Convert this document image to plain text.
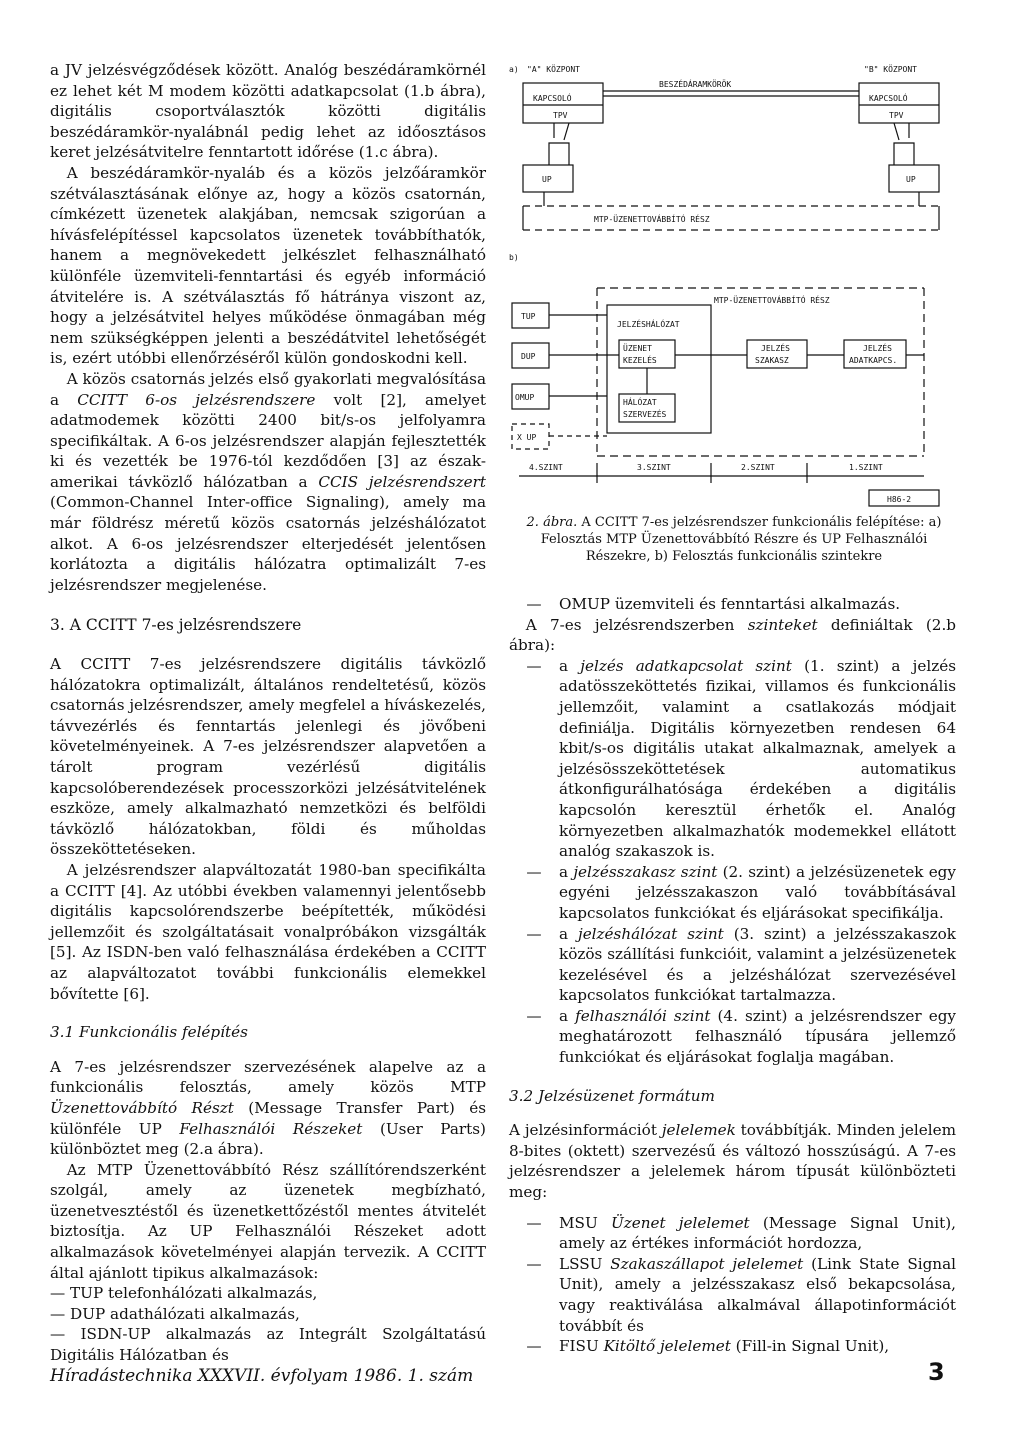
a JV jelzésvégződések között. Analóg beszédáramkörnél ez lehet két M modem közötti adatkapcsolat (1.b ábra), digitális csoportválasztók közötti digitális beszédáramkör-nyalábnál pedig lehet az időosztásos keret jelzésátvitelre fenntartott időrése (1.c ábra).

A beszédáramkör-nyaláb és a közös jelzőáramkör szétválasztásának előnye az, hogy a közös csatornán, címkézett üzenetek alakjában, nemcsak szigorúan a hívásfelépítéssel kapcsolatos üzenetek továbbíthatók, hanem a megnövekedett jelkészlet felhasználható különféle üzemviteli-fenntartási és egyéb információ átvitelére is. A szétválasztás fő hátránya viszont az, hogy a jelzésátvitel helyes működése önmagában még nem szükségképpen jelenti a beszédátvitel lehetőségét is, ezért utóbbi ellenőrzéséről külön gondoskodni kell.

A közös csatornás jelzés első gyakorlati megvalósítása a CCITT 6-os jelzésrendszere volt [2], amelyet adatmodemek közötti 2400 bit/s-os jelfolyamra specifikáltak. A 6-os jelzésrendszer alapján fejlesztették ki és vezették be 1976-tól kezdődően [3] az észak-amerikai távközlő hálózatban a CCIS jelzésrendszert (Common-Channel Inter-office Signaling), amely ma már földrész méretű közös csatornás jelzéshálózatot alkot. A 6-os jelzésrendszer elterjedését jelentősen korlátozta a digitális hálózatra optimalizált 7-es jelzésrendszer megjelenése.

3. A CCITT 7-es jelzésrendszere

A CCITT 7-es jelzésrendszere digitális távközlő hálózatokra optimalizált, általános rendeltetésű, közös csatornás jelzésrendszer, amely megfelel a híváskezelés, távvezérlés és fenntartás jelenlegi és jövőbeni követelményeinek. A 7-es jelzésrendszer alapvetően a tárolt program vezérlésű digitális kapcsolóberendezések processzorközi jelzésátvitelének eszköze, amely alkalmazható nemzetközi és belföldi távközlő hálózatokban, földi és műholdas összeköttetéseken.

A jelzésrendszer alapváltozatát 1980-ban specifikálta a CCITT [4]. Az utóbbi években valamennyi jelentősebb digitális kapcsolórendszerbe beépítették, működési jellemzőit és szolgáltatásait vonalpróbákon vizsgálták [5]. Az ISDN-ben való felhasználása érdekében a CCITT az alapváltozatot további funkcionális elemekkel bővítette [6].

3.1 Funkcionális felépítés

A 7-es jelzésrendszer szervezésének alapelve az a funkcionális felosztás, amely közös MTP Üzenettovábbító Részt (Message Transfer Part) és különféle UP Felhasználói Részeket (User Parts) különböztet meg (2.a ábra).

Az MTP Üzenettovábbító Rész szállítórendszerként szolgál, amely az üzenetek megbízható, üzenetvesztéstől és üzenetkettőzéstől mentes átvitelét biztosítja. Az UP Felhasználói Részeket adott alkalmazások követelményei alapján tervezik. A CCITT által ajánlott tipikus alkalmazások:

— TUP telefonhálózati alkalmazás,
— DUP adathálózati alkalmazás,
— ISDN-UP alkalmazás az Integrált Szolgáltatású Digitális Hálózatban és
a) "A" KÖZPONT	"B" KÖZPONT
BESZÉDÁRAMKÖRÖK
KAPCSOLÓ
TPV
KAPCSOLÓ
TPV
UP	UP
MTP-ÜZENETTOVÁBBÍTÓ RÉSZ
b)
MTP-ÜZENETTOVÁBBÍTÓ RÉSZ
TUP
DUP
OMUP
X UP
JELZÉSHÁLÓZAT
ÜZENET
KEZELÉS
HÁLÓZAT
SZERVEZÉS
JELZÉS
SZAKASZ
JELZÉS
ADATKAPCS.
4.SZINT	3.SZINT	2.SZINT	1.SZINT
H86-2
2. ábra. A CCITT 7-es jelzésrendszer funkcionális felépítése: a) Felosztás MTP Üzenettovábbító Részre és UP Felhasználói Részekre, b) Felosztás funkcionális szintekre
— OMUP üzemviteli és fenntartási alkalmazás.

A 7-es jelzésrendszerben szinteket definiáltak (2.b ábra):

— a jelzés adatkapcsolat szint (1. szint) a jelzés adatösszeköttetés fizikai, villamos és funkcionális jellemzőit, valamint a csatlakozás módjait definiálja. Digitális környezetben rendesen 64 kbit/s-os digitális utakat alkalmaznak, amelyek a jelzésösszeköttetések automatikus átkonfigurálhatósága érdekében a digitális kapcsolón keresztül érhetők el. Analóg környezetben alkalmazhatók modemekkel ellátott analóg szakaszok is.
— a jelzésszakasz szint (2. szint) a jelzésüzenetek egy egyéni jelzésszakaszon való továbbításával kapcsolatos funkciókat és eljárásokat specifikálja.
— a jelzéshálózat szint (3. szint) a jelzésszakaszok közös szállítási funkcióit, valamint a jelzésüzenetek kezelésével és a jelzéshálózat szervezésével kapcsolatos funkciókat tartalmazza.
— a felhasználói szint (4. szint) a jelzésrendszer egy meghatározott felhasználó típusára jellemző funkciókat és eljárásokat foglalja magában.
3.2 Jelzésüzenet formátum

A jelzésinformációt jelelemek továbbítják. Minden jelelem 8-bites (oktett) szervezésű és változó hosszúságú. A 7-es jelzésrendszer a jelelemek három típusát különbözteti meg:

— MSU Üzenet jelelemet (Message Signal Unit), amely az értékes információt hordozza,
— LSSU Szakaszállapot jelelemet (Link State Signal Unit), amely a jelzésszakasz első bekapcsolása, vagy reaktiválása alkalmával állapotinformációt továbbít és
— FISU Kitöltő jelelemet (Fill-in Signal Unit),
Híradástechnika XXXVII. évfolyam 1986. 1. szám	3
